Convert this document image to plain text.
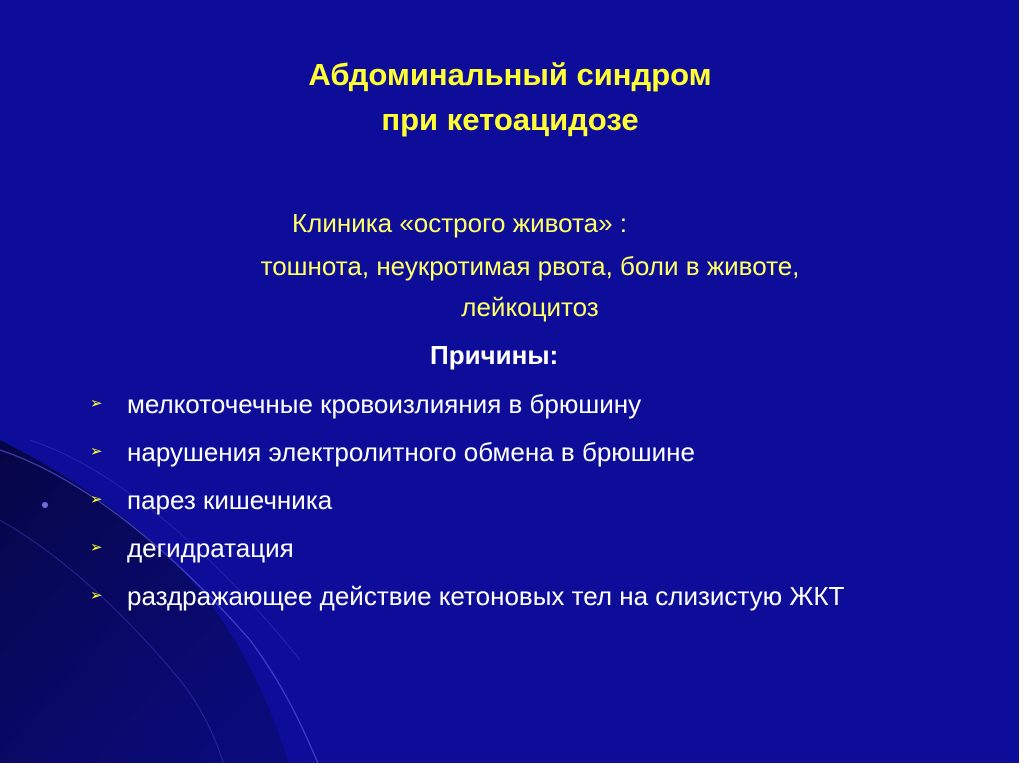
Абдоминальный синдром
при кетоацидозе
Клиника «острого живота» :
тошнота, неукротимая рвота, боли в животе,
лейкоцитоз
Причины:
➢ мелкоточечные кровоизлияния в брюшину
➢ нарушения электролитного обмена в брюшине
➢ парез кишечника
➢ дегидратация
➢ раздражающее действие кетоновых тел на слизистую ЖКТ
